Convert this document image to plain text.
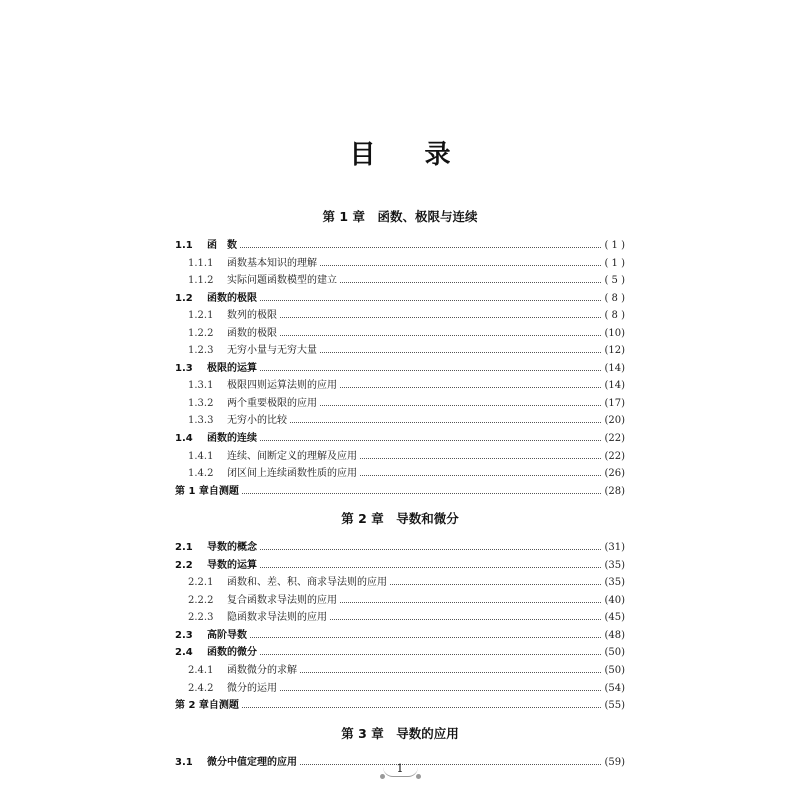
目 录
第 1 章　函数、极限与连续
1.1	函　数	( 1 )
1.1.1	函数基本知识的理解	( 1 )
1.1.2	实际问题函数模型的建立	( 5 )
1.2	函数的极限	( 8 )
1.2.1	数列的极限	( 8 )
1.2.2	函数的极限	(10)
1.2.3	无穷小量与无穷大量	(12)
1.3	极限的运算	(14)
1.3.1	极限四则运算法则的应用	(14)
1.3.2	两个重要极限的应用	(17)
1.3.3	无穷小的比较	(20)
1.4	函数的连续	(22)
1.4.1	连续、间断定义的理解及应用	(22)
1.4.2	闭区间上连续函数性质的应用	(26)
第 1 章自测题	(28)
第 2 章　导数和微分
2.1	导数的概念	(31)
2.2	导数的运算	(35)
2.2.1	函数和、差、积、商求导法则的应用	(35)
2.2.2	复合函数求导法则的应用	(40)
2.2.3	隐函数求导法则的应用	(45)
2.3	高阶导数	(48)
2.4	函数的微分	(50)
2.4.1	函数微分的求解	(50)
2.4.2	微分的运用	(54)
第 2 章自测题	(55)
第 3 章　导数的应用
3.1	微分中值定理的应用	(59)
1
